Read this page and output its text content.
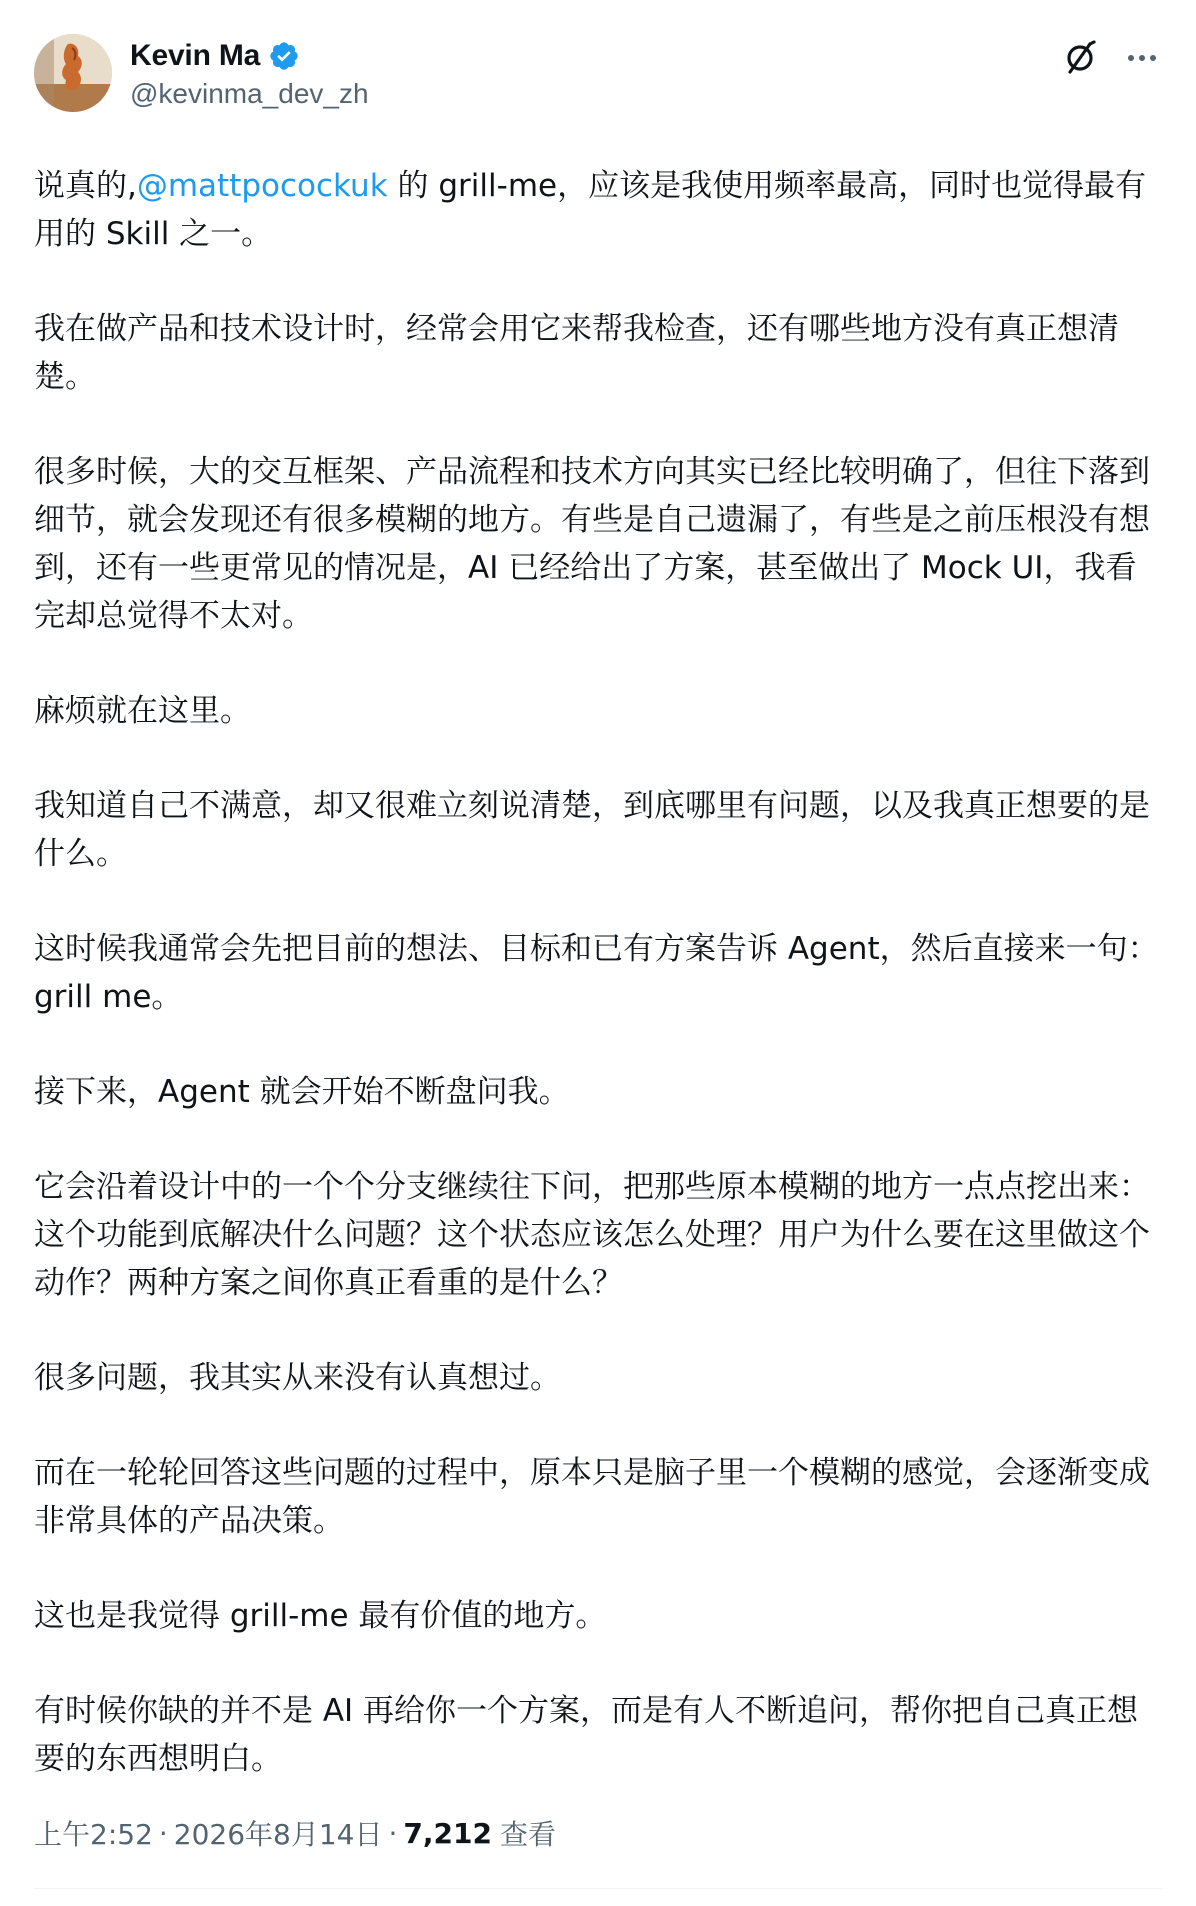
Kevin Ma
@kevinma_dev_zh

说真的,@mattpocockuk 的 grill-me，应该是我使用频率最高，同时也觉得最有用的 Skill 之一。

我在做产品和技术设计时，经常会用它来帮我检查，还有哪些地方没有真正想清楚。

很多时候，大的交互框架、产品流程和技术方向其实已经比较明确了，但往下落到细节，就会发现还有很多模糊的地方。有些是自己遗漏了，有些是之前压根没有想到，还有一些更常见的情况是，AI 已经给出了方案，甚至做出了 Mock UI，我看完却总觉得不太对。

麻烦就在这里。

我知道自己不满意，却又很难立刻说清楚，到底哪里有问题，以及我真正想要的是什么。

这时候我通常会先把目前的想法、目标和已有方案告诉 Agent，然后直接来一句：grill me。

接下来，Agent 就会开始不断盘问我。

它会沿着设计中的一个个分支继续往下问，把那些原本模糊的地方一点点挖出来：这个功能到底解决什么问题？这个状态应该怎么处理？用户为什么要在这里做这个动作？两种方案之间你真正看重的是什么？

很多问题，我其实从来没有认真想过。

而在一轮轮回答这些问题的过程中，原本只是脑子里一个模糊的感觉，会逐渐变成非常具体的产品决策。

这也是我觉得 grill-me 最有价值的地方。

有时候你缺的并不是 AI 再给你一个方案，而是有人不断追问，帮你把自己真正想要的东西想明白。

上午2:52 · 2026年8月14日 · 7,212 查看
